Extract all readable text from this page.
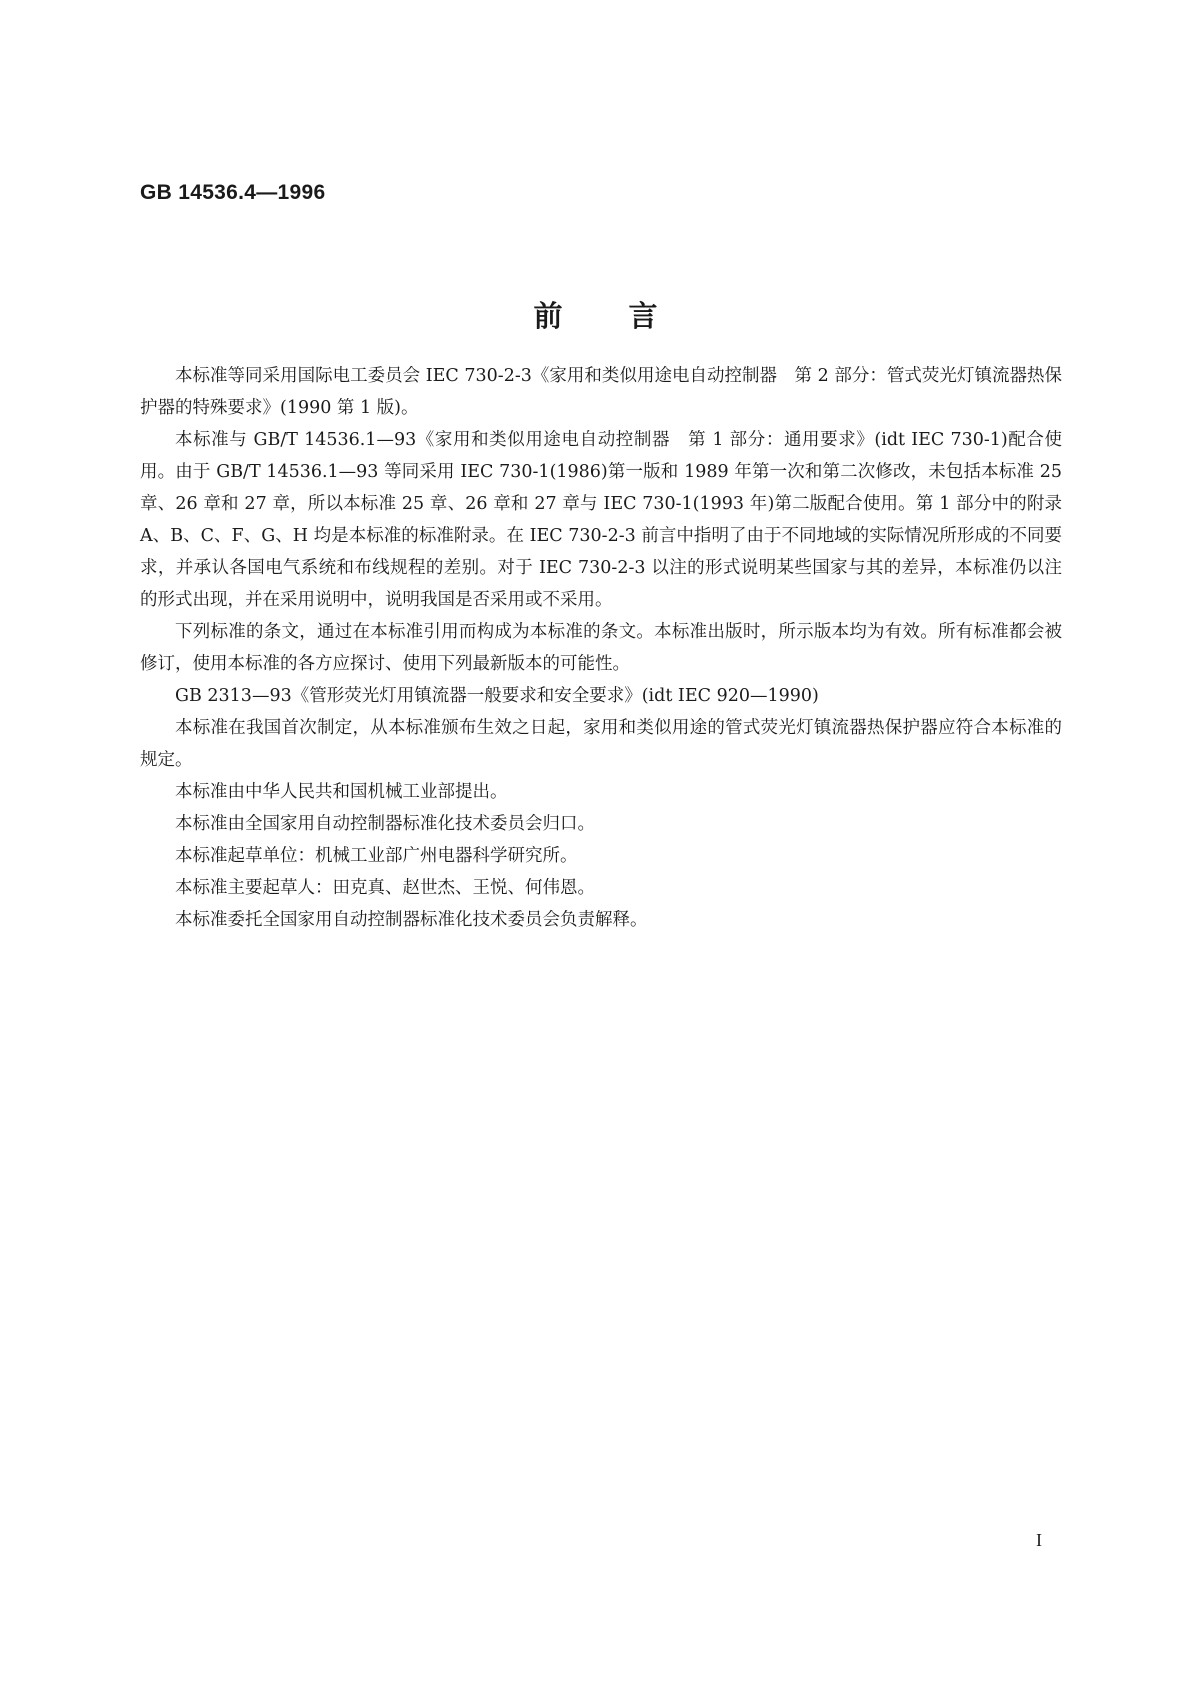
GB 14536.4—1996

前 言

本标准等同采用国际电工委员会 IEC 730-2-3《家用和类似用途电自动控制器　第 2 部分：管式荧光灯镇流器热保护器的特殊要求》(1990 第 1 版)。

本标准与 GB/T 14536.1—93《家用和类似用途电自动控制器　第 1 部分：通用要求》(idt IEC 730-1)配合使用。由于 GB/T 14536.1—93 等同采用 IEC 730-1(1986)第一版和 1989 年第一次和第二次修改，未包括本标准 25 章、26 章和 27 章，所以本标准 25 章、26 章和 27 章与 IEC 730-1(1993 年)第二版配合使用。第 1 部分中的附录 A、B、C、F、G、H 均是本标准的标准附录。在 IEC 730-2-3 前言中指明了由于不同地域的实际情况所形成的不同要求，并承认各国电气系统和布线规程的差别。对于 IEC 730-2-3 以注的形式说明某些国家与其的差异，本标准仍以注的形式出现，并在采用说明中，说明我国是否采用或不采用。

下列标准的条文，通过在本标准引用而构成为本标准的条文。本标准出版时，所示版本均为有效。所有标准都会被修订，使用本标准的各方应探讨、使用下列最新版本的可能性。

GB 2313—93《管形荧光灯用镇流器一般要求和安全要求》(idt IEC 920—1990)

本标准在我国首次制定，从本标准颁布生效之日起，家用和类似用途的管式荧光灯镇流器热保护器应符合本标准的规定。

本标准由中华人民共和国机械工业部提出。

本标准由全国家用自动控制器标准化技术委员会归口。

本标准起草单位：机械工业部广州电器科学研究所。

本标准主要起草人：田克真、赵世杰、王悦、何伟恩。

本标准委托全国家用自动控制器标准化技术委员会负责解释。

I
